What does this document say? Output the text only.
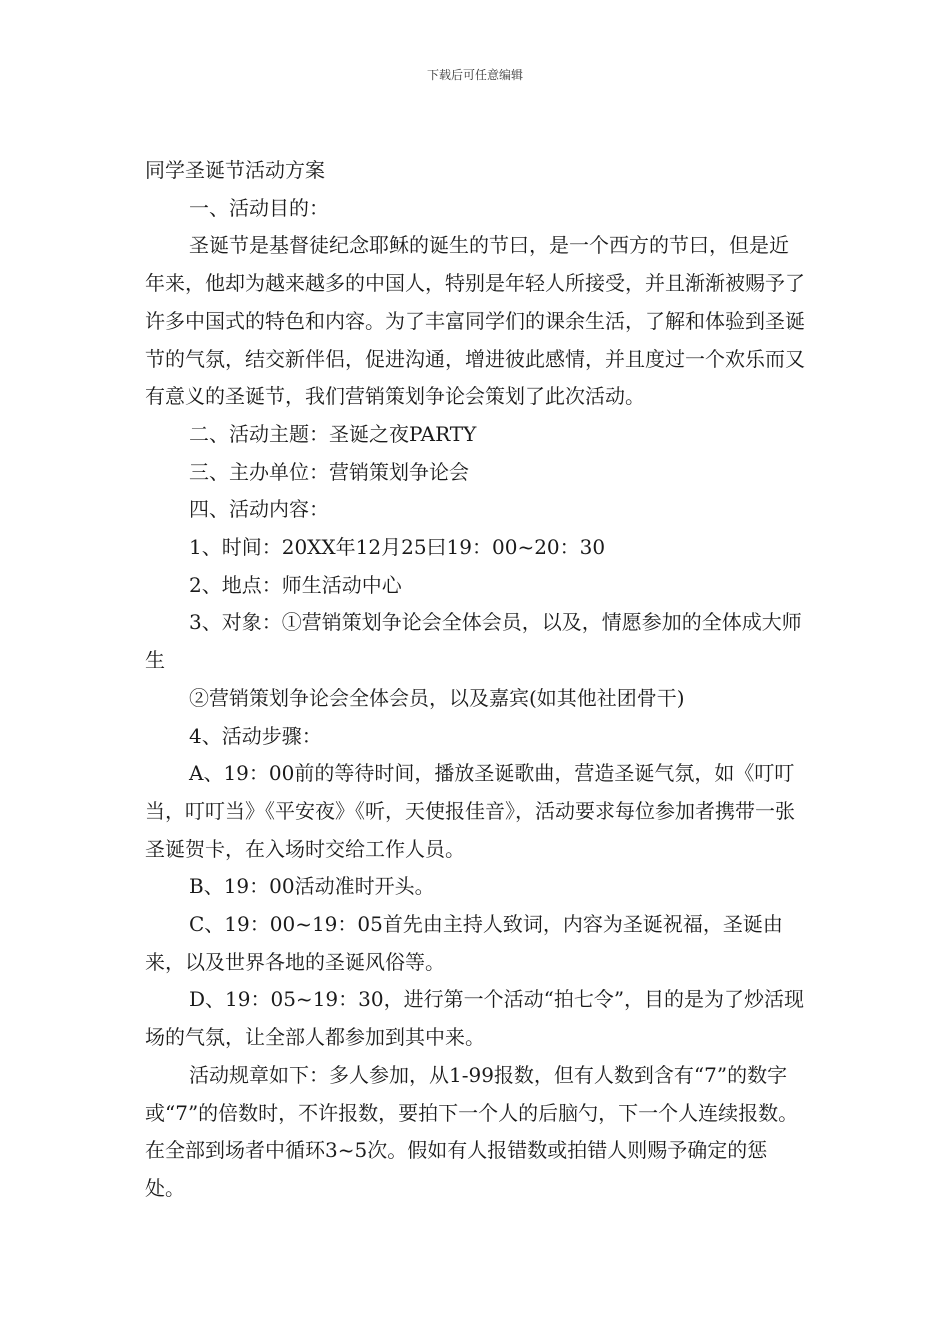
下载后可任意编辑

同学圣诞节活动方案

一、活动目的：

圣诞节是基督徒纪念耶稣的诞生的节曰，是一个西方的节曰，但是近年来，他却为越来越多的中国人，特别是年轻人所接受，并且渐渐被赐予了许多中国式的特色和内容。为了丰富同学们的课余生活，了解和体验到圣诞节的气氛，结交新伴侣，促进沟通，增进彼此感情，并且度过一个欢乐而又有意义的圣诞节，我们营销策划争论会策划了此次活动。

二、活动主题：圣诞之夜PARTY

三、主办单位：营销策划争论会

四、活动内容：

1、时间：20XX年12月25曰19：00~20：30

2、地点：师生活动中心

3、对象：①营销策划争论会全体会员，以及，情愿参加的全体成大师生

②营销策划争论会全体会员，以及嘉宾(如其他社团骨干)

4、活动步骤：

A、19：00前的等待时间，播放圣诞歌曲，营造圣诞气氛，如《叮叮当，叮叮当》《平安夜》《听，天使报佳音》，活动要求每位参加者携带一张圣诞贺卡，在入场时交给工作人员。

B、19：00活动准时开头。

C、19：00~19：05首先由主持人致词，内容为圣诞祝福，圣诞由来，以及世界各地的圣诞风俗等。

D、19：05~19：30，进行第一个活动“拍七令”，目的是为了炒活现场的气氛，让全部人都参加到其中来。

活动规章如下：多人参加，从1-99报数，但有人数到含有“7”的数字或“7”的倍数时，不许报数，要拍下一个人的后脑勺，下一个人连续报数。在全部到场者中循环3~5次。假如有人报错数或拍错人则赐予确定的惩处。
